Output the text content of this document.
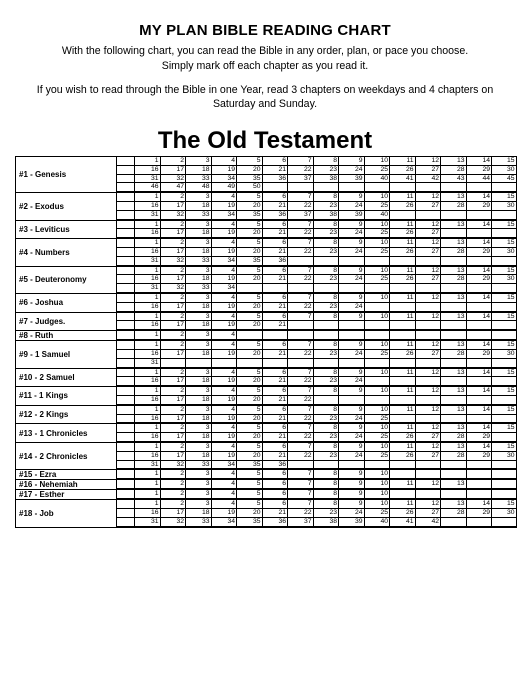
MY PLAN BIBLE READING CHART
With the following chart, you can read the Bible in any order, plan, or pace you choose.
Simply mark off each chapter as you read it.
If you wish to read through the Bible in one Year, read 3 chapters on weekdays and 4 chapters on
Saturday and Sunday.
The Old Testament
#1 - Genesis
1	2	3	4	5	6	7	8	9	10	11	12	13	14	15
16	17	18	19	20	21	22	23	24	25	26	27	28	29	30
31	32	33	34	35	36	37	38	39	40	41	42	43	44	45
46	47	48	49	50
#2 - Exodus
1	2	3	4	5	6	7	8	9	10	11	12	13	14	15
16	17	18	19	20	21	22	23	24	25	26	27	28	29	30
31	32	33	34	35	36	37	38	39	40
#3 - Leviticus
1	2	3	4	5	6	7	8	9	10	11	12	13	14	15
16	17	18	19	20	21	22	23	24	25	26	27
#4 - Numbers
1	2	3	4	5	6	7	8	9	10	11	12	13	14	15
16	17	18	19	20	21	22	23	24	25	26	27	28	29	30
31	32	33	34	35	36
#5 - Deuteronomy
1	2	3	4	5	6	7	8	9	10	11	12	13	14	15
16	17	18	19	20	21	22	23	24	25	26	27	28	29	30
31	32	33	34
#6 - Joshua
1	2	3	4	5	6	7	8	9	10	11	12	13	14	15
16	17	18	19	20	21	22	23	24
#7 - Judges.
1	2	3	4	5	6	7	8	9	10	11	12	13	14	15
16	17	18	19	20	21
#8 - Ruth	1	2	3	4
#9 - 1 Samuel
1	2	3	4	5	6	7	8	9	10	11	12	13	14	15
16	17	18	19	20	21	22	23	24	25	26	27	28	29	30
31
#10 - 2 Samuel
1	2	3	4	5	6	7	8	9	10	11	12	13	14	15
16	17	18	19	20	21	22	23	24
#11 - 1 Kings
1	2	3	4	5	6	7	8	9	10	11	12	13	14	15
16	17	18	19	20	21	22
#12 - 2 Kings
1	2	3	4	5	6	7	8	9	10	11	12	13	14	15
16	17	18	19	20	21	22	23	24	25
#13 - 1 Chronicles
1	2	3	4	5	6	7	8	9	10	11	12	13	14	15
16	17	18	19	20	21	22	23	24	25	26	27	28	29
#14 - 2 Chronicles
1	2	3	4	5	6	7	8	9	10	11	12	13	14	15
16	17	18	19	20	21	22	23	24	25	26	27	28	29	30
31	32	33	34	35	36
#15 - Ezra	1	2	3	4	5	6	7	8	9	10
#16 - Nehemiah	1	2	3	4	5	6	7	8	9	10	11	12	13
#17 - Esther	1	2	3	4	5	6	7	8	9	10
#18 - Job
1	2	3	4	5	6	7	8	9	10	11	12	13	14	15
16	17	18	19	20	21	22	23	24	25	26	27	28	29	30
31	32	33	34	35	36	37	38	39	40	41	42
